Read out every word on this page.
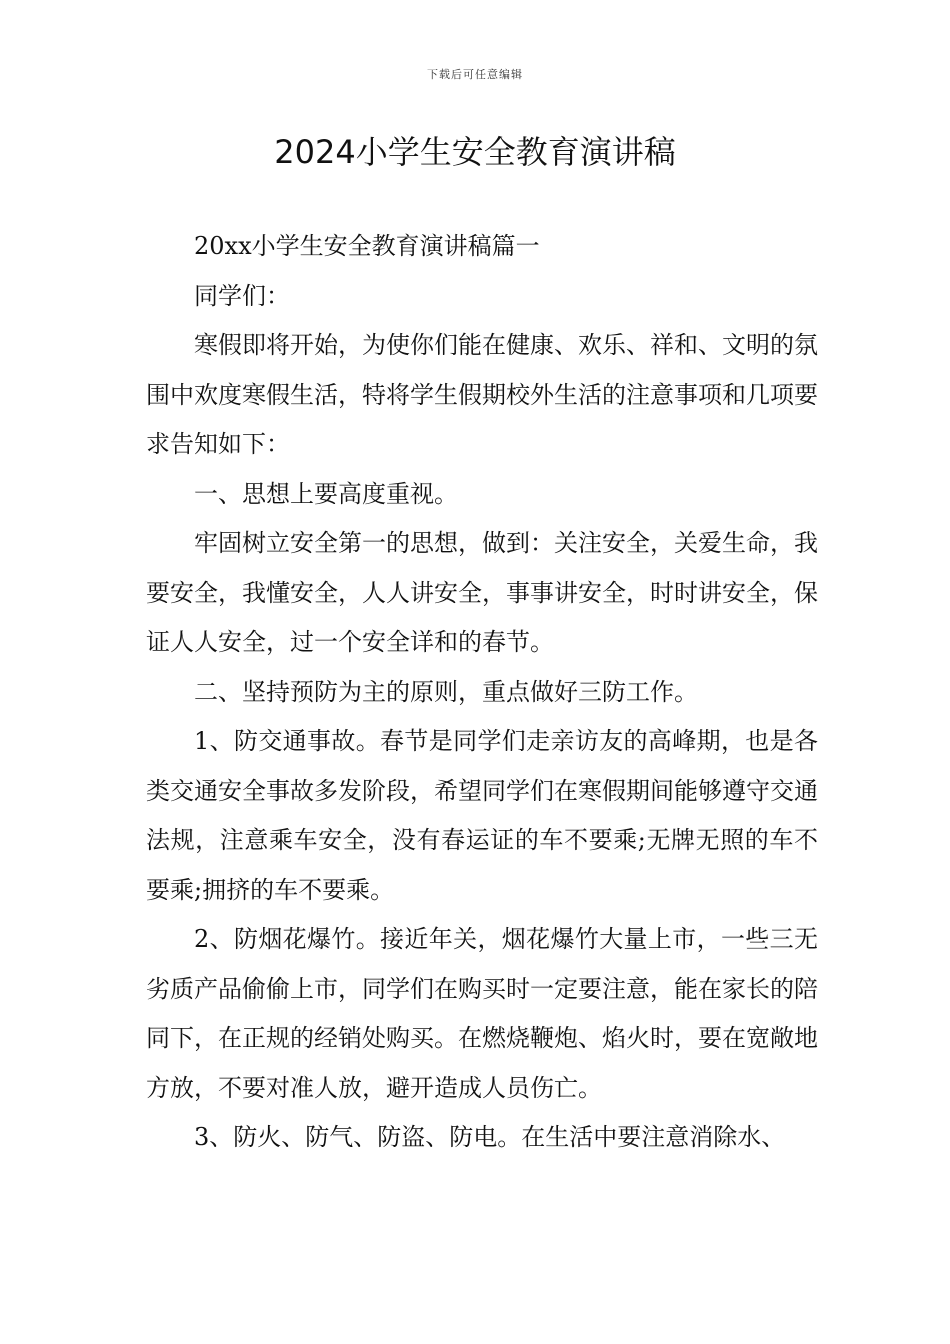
下载后可任意编辑
2024小学生安全教育演讲稿

20xx小学生安全教育演讲稿篇一

同学们：

寒假即将开始，为使你们能在健康、欢乐、祥和、文明的氛围中欢度寒假生活，特将学生假期校外生活的注意事项和几项要求告知如下：

一、思想上要高度重视。

牢固树立安全第一的思想，做到：关注安全，关爱生命，我要安全，我懂安全，人人讲安全，事事讲安全，时时讲安全，保证人人安全，过一个安全详和的春节。

二、坚持预防为主的原则，重点做好三防工作。

1、防交通事故。春节是同学们走亲访友的高峰期，也是各类交通安全事故多发阶段，希望同学们在寒假期间能够遵守交通法规，注意乘车安全，没有春运证的车不要乘;无牌无照的车不要乘;拥挤的车不要乘。

2、防烟花爆竹。接近年关，烟花爆竹大量上市，一些三无劣质产品偷偷上市，同学们在购买时一定要注意，能在家长的陪同下，在正规的经销处购买。在燃烧鞭炮、焰火时，要在宽敞地方放，不要对准人放，避开造成人员伤亡。

3、防火、防气、防盗、防电。在生活中要注意消除水、
